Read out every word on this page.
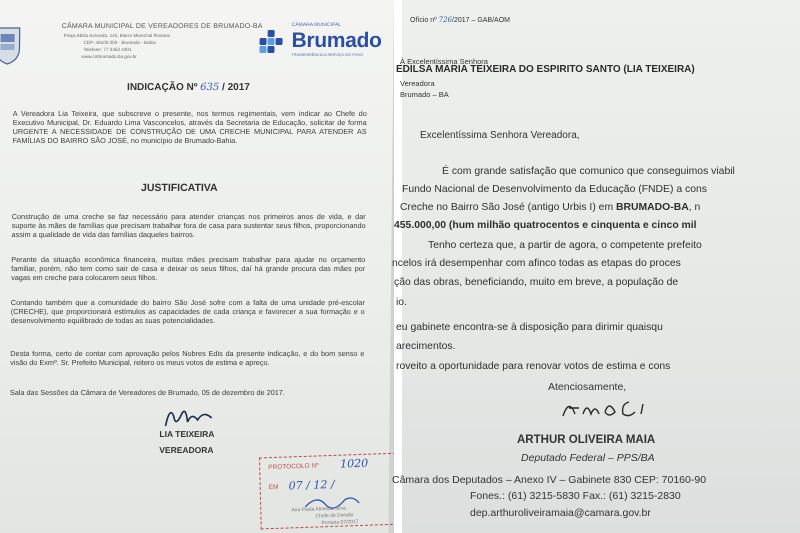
CÂMARA MUNICIPAL DE VEREADORES DE BRUMADO-BA
Praça Abílio Azevedo, 145, Bairro Marechal Floriano
CEP: 46100.000 · Brumado - Bahia
Telefone: 77 3453 4401
www.cmbrumado.ba.gov.br
CÂMARA MUNICIPAL
Brumado
TRANSPARÊNCIA A SERVIÇO DO POVO
INDICAÇÃO Nº 635 / 2017

A Vereadora Lia Teixeira, que subscreve o presente, nos termos regimentais, vem indicar ao Chefe do Executivo Municipal, Dr. Eduardo Lima Vasconcelos, através da Secretaria de Educação, solicitar de forma URGENTE A NECESSIDADE DE CONSTRUÇÃO DE UMA CRECHE MUNICIPAL PARA ATENDER AS FAMÍLIAS DO BAIRRO SÃO JOSÉ, no município de Brumado-Bahia.

JUSTIFICATIVA

Construção de uma creche se faz necessário para atender crianças nos primeiros anos de vida, e dar suporte às mães de famílias que precisam trabalhar fora de casa para sustentar seus filhos, proporcionando assim a qualidade de vida das famílias daqueles bairros.

Perante da situação econômica financeira, muitas mães precisam trabalhar para ajudar no orçamento familiar, porém, não tem como sair de casa e deixar os seus filhos, daí há grande procura das mães por vagas em creche para colocarem seus filhos.

Contando também que a comunidade do bairro São José sofre com a falta de uma unidade pré-escolar (CRECHE), que proporcionará estímulos as capacidades de cada criança e favorecer a sua formação e o desenvolvimento equilibrado de todas as suas potencialidades.

Desta forma, certo de contar com aprovação pelos Nobres Edis da presente indicação, e do bom senso e visão do Exmº. Sr. Prefeito Municipal, reitero os meus votos de estima e apreço.

Sala das Sessões da Câmara de Vereadores de Brumado, 05 de dezembro de 2017.

LIA TEIXEIRA
VEREADORA
PROTOCOLO Nº 1020
EM 07 / 12 /
Ana Paula Almeida Silva
Chefe de Divisão
Portaria 07/2017
Ofício nº 726/2017 – GAB/AOM
À Excelentíssima Senhora
EDILSA MARIA TEIXEIRA DO ESPIRITO SANTO (LIA TEIXEIRA)
Vereadora
Brumado – BA
Excelentíssima Senhora Vereadora,
É com grande satisfação que comunico que conseguimos viabil
Fundo Nacional de Desenvolvimento da Educação (FNDE) a cons
Creche no Bairro São José (antigo Urbis I) em BRUMADO-BA, n
455.000,00 (hum milhão quatrocentos e cinquenta e cinco mil
Tenho certeza que, a partir de agora, o competente prefeito
ncelos irá desempenhar com afinco todas as etapas do proces
ção das obras, beneficiando, muito em breve, a população de
io.
eu gabinete encontra-se à disposição para dirimir quaisqu
arecimentos.
roveito a oportunidade para renovar votos de estima e cons
Atenciosamente,
ARTHUR OLIVEIRA MAIA
Deputado Federal – PPS/BA
Câmara dos Deputados – Anexo IV – Gabinete 830 CEP: 70160-90
Fones.: (61) 3215-5830 Fax.: (61) 3215-2830
dep.arthuroliveiramaia@camara.gov.br
